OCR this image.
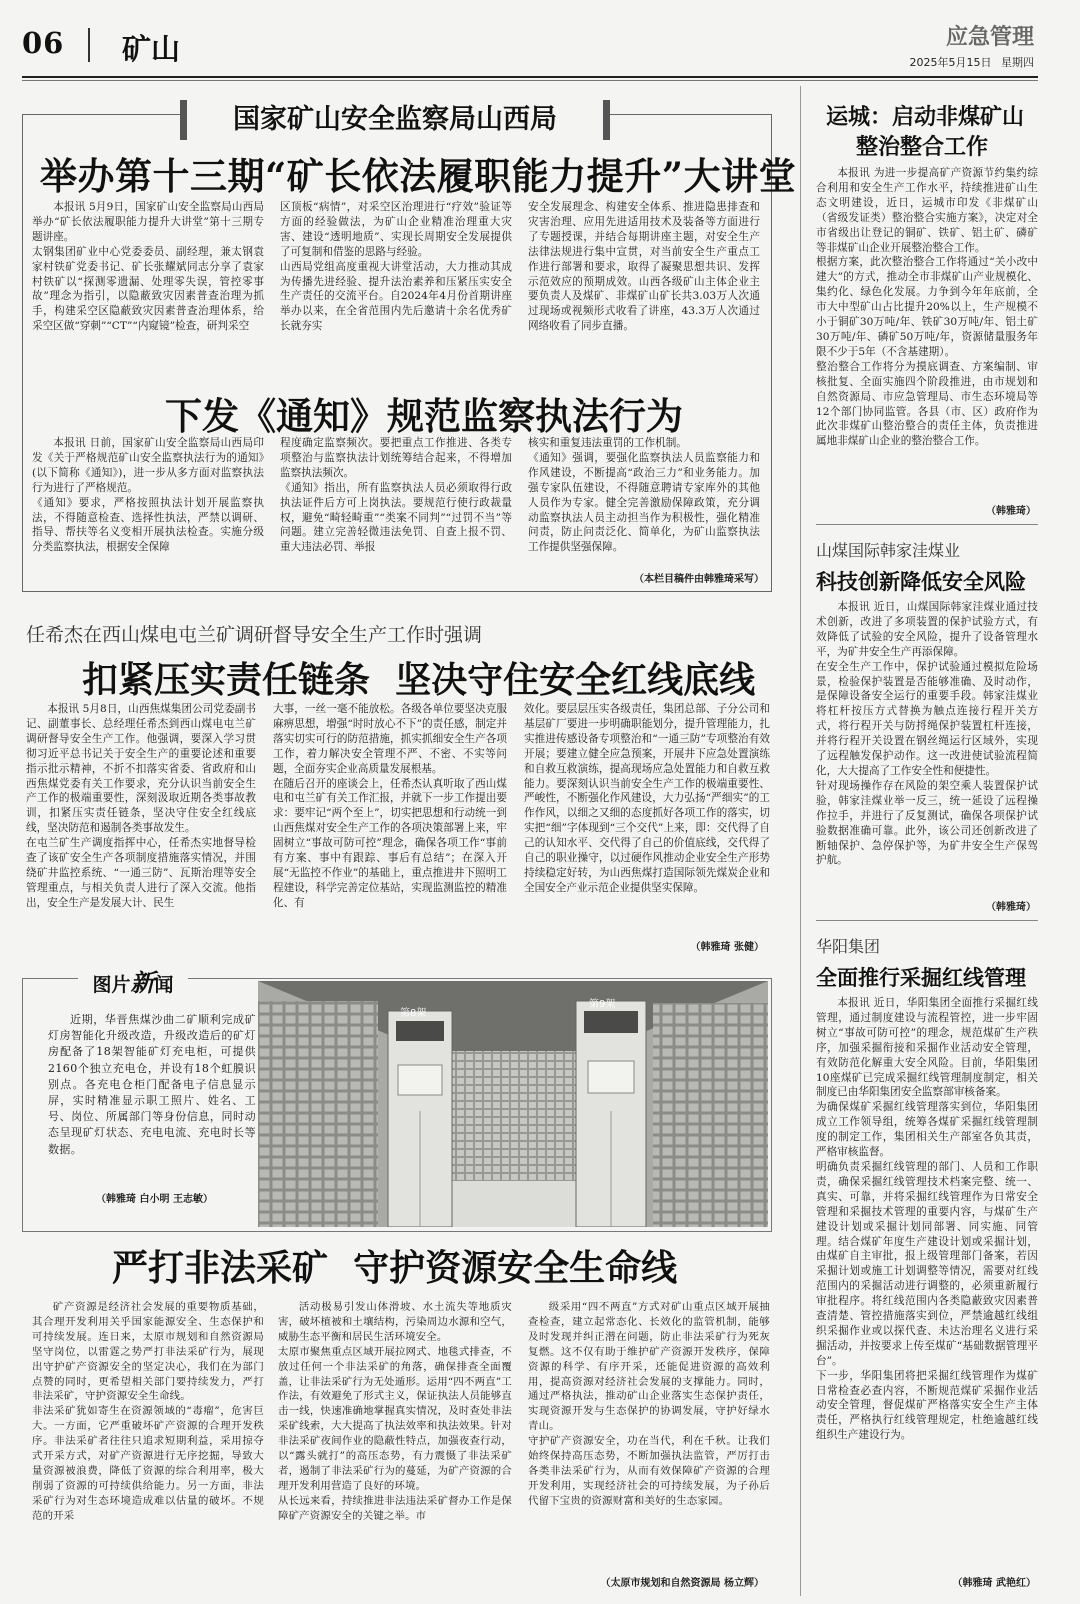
06 矿山	应急管理
2025年5月15日 星期四
国家矿山安全监察局山西局
举办第十三期“矿长依法履职能力提升”大讲堂

本报讯 5月9日，国家矿山安全监察局山西局举办“矿长依法履职能力提升大讲堂”第十三期专题讲座。
太钢集团矿业中心党委委员、副经理，兼太钢袁家村铁矿党委书记、矿长张耀斌同志分享了袁家村铁矿以“探测零遗漏、处理零失误，管控零事故”理念为指引，以隐蔽致灾因素普查治理为抓手，构建采空区隐蔽致灾因素普查治理体系，给采空区做“穿刺”“CT”“内窥镜”检查，研判采空

区顶板“病情”，对采空区治理进行“疗效”验证等方面的经验做法，为矿山企业精准治理重大灾害、建设“透明地质”、实现长周期安全发展提供了可复制和借鉴的思路与经验。
山西局党组高度重视大讲堂活动，大力推动其成为传播先进经验、提升法治素养和压紧压实安全生产责任的交流平台。自2024年4月份首期讲座举办以来，在全省范围内先后邀请十余名优秀矿长就夯实

安全发展理念、构建安全体系、推进隐患排查和灾害治理、应用先进适用技术及装备等方面进行了专题授课，并结合每期讲座主题，对安全生产法律法规进行集中宣贯，对当前安全生产重点工作进行部署和要求，取得了凝聚思想共识、发挥示范效应的预期成效。山西各级矿山主体企业主要负责人及煤矿、非煤矿山矿长共3.03万人次通过现场或视频形式收看了讲座，43.3万人次通过网络收看了同步直播。

下发《通知》规范监察执法行为

本报讯 日前，国家矿山安全监察局山西局印发《关于严格规范矿山安全监察执法行为的通知》(以下简称《通知》)，进一步从多方面对监察执法行为进行了严格规范。
《通知》要求，严格按照执法计划开展监察执法，不得随意检查、选择性执法，严禁以调研、指导、帮扶等名义变相开展执法检查。实施分级分类监察执法，根据安全保障

程度确定监察频次。要把重点工作推进、各类专项整治与监察执法计划统筹结合起来，不得增加监察执法频次。
《通知》指出，所有监察执法人员必须取得行政执法证件后方可上岗执法。要规范行使行政裁量权，避免“畸轻畸重”“类案不同判”“过罚不当”等问题。建立完善轻微违法免罚、自查上报不罚、重大违法必罚、举报

核实和重复违法重罚的工作机制。
《通知》强调，要强化监察执法人员监察能力和作风建设，不断提高“政治三力”和业务能力。加强专家队伍建设，不得随意聘请专家库外的其他人员作为专家。健全完善激励保障政策，充分调动监察执法人员主动担当作为积极性，强化精准问责，防止问责泛化、简单化，为矿山监察执法工作提供坚强保障。

（本栏目稿件由韩雅琦采写）
任希杰在西山煤电屯兰矿调研督导安全生产工作时强调
扣紧压实责任链条  坚决守住安全红线底线

本报讯 5月8日，山西焦煤集团公司党委副书记、副董事长、总经理任希杰到西山煤电屯兰矿调研督导安全生产工作。他强调，要深入学习贯彻习近平总书记关于安全生产的重要论述和重要指示批示精神，不折不扣落实省委、省政府和山西焦煤党委有关工作要求，充分认识当前安全生产工作的极端重要性，深刻汲取近期各类事故教训，扣紧压实责任链条，坚决守住安全红线底线，坚决防范和遏制各类事故发生。
在屯兰矿生产调度指挥中心，任希杰实地督导检查了该矿安全生产各项制度措施落实情况，并围绕矿井监控系统、“一通三防”、瓦斯治理等安全管理重点，与相关负责人进行了深入交流。他指出，安全生产是发展大计、民生

大事，一丝一毫不能放松。各级各单位要坚决克服麻痹思想，增强“时时放心不下”的责任感，制定并落实切实可行的防范措施，抓实抓细安全生产各项工作，着力解决安全管理不严、不密、不实等问题，全面夯实企业高质量发展根基。
在随后召开的座谈会上，任希杰认真听取了西山煤电和屯兰矿有关工作汇报，并就下一步工作提出要求：要牢记“两个至上”，切实把思想和行动统一到山西焦煤对安全生产工作的各项决策部署上来，牢固树立“事故可防可控”理念，确保各项工作“事前有方案、事中有跟踪、事后有总结”；在深入开展“无监控不作业”的基础上，重点推进井下照明工程建设，科学完善定位基站，实现监测监控的精准化、有

效化。要层层压实各级责任，集团总部、子分公司和基层矿厂要进一步明确职能划分，提升管理能力，扎实推进传感设备专项整治和“一通三防”专项整治有效开展；要建立健全应急预案，开展井下应急处置演练和自救互救演练，提高现场应急处置能力和自救互救能力。要深刻认识当前安全生产工作的极端重要性、严峻性，不断强化作风建设，大力弘扬“严细实”的工作作风，以细之又细的态度抓好各项工作的落实，切实把“细”字体现到“三个交代”上来，即：交代得了自己的认知水平、交代得了自己的价值底线，交代得了自己的职业操守，以过硬作风推动企业安全生产形势持续稳定好转，为山西焦煤打造国际领先煤炭企业和全国安全产业示范企业提供坚实保障。

（韩雅琦 张健）
图片新闻

近期，华晋焦煤沙曲二矿顺利完成矿灯房智能化升级改造，升级改造后的矿灯房配备了18架智能矿灯充电柜，可提供2160个独立充电仓，并设有18个虹膜识别点。各充电仓柜门配备电子信息显示屏，实时精准显示职工照片、姓名、工号、岗位、所属部门等身份信息，同时动态呈现矿灯状态、充电电流、充电时长等数据。

（韩雅琦 白小明 王志敏）
第8架
第9架
严打非法采矿  守护资源安全生命线

矿产资源是经济社会发展的重要物质基础，其合理开发利用关乎国家能源安全、生态保护和可持续发展。连日来，太原市规划和自然资源局坚守岗位，以雷霆之势严打非法采矿行为，展现出守护矿产资源安全的坚定决心，我们在为部门点赞的同时，更希望相关部门要持续发力，严打非法采矿，守护资源安全生命线。
非法采矿犹如寄生在资源领域的“毒瘤”，危害巨大。一方面，它严重破坏矿产资源的合理开发秩序。非法采矿者往往只追求短期利益，采用掠夺式开采方式，对矿产资源进行无序挖掘，导致大量资源被浪费，降低了资源的综合利用率，极大削弱了资源的可持续供给能力。另一方面，非法采矿行为对生态环境造成难以估量的破坏。不规范的开采

活动极易引发山体滑坡、水土流失等地质灾害，破坏植被和土壤结构，污染周边水源和空气，威胁生态平衡和居民生活环境安全。
太原市聚焦重点区域开展拉网式、地毯式排查，不放过任何一个非法采矿的角落，确保排查全面覆盖，让非法采矿行为无处遁形。运用“四不两直”工作法，有效避免了形式主义，保证执法人员能够直击一线，快速准确地掌握真实情况，及时查处非法采矿线索，大大提高了执法效率和执法效果。针对非法采矿夜间作业的隐蔽性特点，加强夜查行动，以“露头就打”的高压态势，有力震慑了非法采矿者，遏制了非法采矿行为的蔓延，为矿产资源的合理开发利用营造了良好的环境。
从长远来看，持续推进非法违法采矿督办工作是保障矿产资源安全的关键之举。市

级采用“四不两直”方式对矿山重点区域开展抽查检查，建立起常态化、长效化的监管机制，能够及时发现并纠正潜在问题，防止非法采矿行为死灰复燃。这不仅有助于维护矿产资源开发秩序，保障资源的科学、有序开采，还能促进资源的高效利用，提高资源对经济社会发展的支撑能力。同时，通过严格执法，推动矿山企业落实生态保护责任，实现资源开发与生态保护的协调发展，守护好绿水青山。
守护矿产资源安全，功在当代，利在千秋。让我们始终保持高压态势，不断加强执法监管，严厉打击各类非法采矿行为，从而有效保障矿产资源的合理开发利用，实现经济社会的可持续发展，为子孙后代留下宝贵的资源财富和美好的生态家园。

（太原市规划和自然资源局 杨立辉）
运城：启动非煤矿山
整治整合工作

本报讯 为进一步提高矿产资源节约集约综合利用和安全生产工作水平，持续推进矿山生态文明建设，近日，运城市印发《非煤矿山（省级发证类）整治整合实施方案》，决定对全市省级出让登记的铜矿、铁矿、铝土矿、磷矿等非煤矿山企业开展整治整合工作。
根据方案，此次整治整合工作将通过“关小改中建大”的方式，推动全市非煤矿山产业规模化、集约化、绿色化发展。力争到今年年底前，全市大中型矿山占比提升20%以上，生产规模不小于铜矿30万吨/年、铁矿30万吨/年、铝土矿30万吨/年、磷矿50万吨/年，资源储量服务年限不少于5年（不含基建期）。
整治整合工作将分为摸底调查、方案编制、审核批复、全面实施四个阶段推进，由市规划和自然资源局、市应急管理局、市生态环境局等12个部门协同监管。各县（市、区）政府作为此次非煤矿山整治整合的责任主体，负责推进属地非煤矿山企业的整治整合工作。

（韩雅琦）
山煤国际韩家洼煤业
科技创新降低安全风险

本报讯 近日，山煤国际韩家洼煤业通过技术创新，改进了多项装置的保护试验方式，有效降低了试验的安全风险，提升了设备管理水平，为矿井安全生产再添保障。
在安全生产工作中，保护试验通过模拟危险场景，检验保护装置是否能够准确、及时动作，是保障设备安全运行的重要手段。韩家洼煤业将杠杆按压方式替换为触点连接行程开关方式，将行程开关与防捋绳保护装置杠杆连接，并将行程开关设置在钢丝绳运行区域外，实现了远程触发保护动作。这一改进使试验流程简化，大大提高了工作安全性和便捷性。
针对现场操作存在风险的架空乘人装置保护试验，韩家洼煤业举一反三，统一延设了远程操作拉手，并进行了反复测试，确保各项保护试验数据准确可靠。此外，该公司还创新改进了断轴保护、急停保护等，为矿井安全生产保驾护航。

（韩雅琦）
华阳集团
全面推行采掘红线管理

本报讯 近日，华阳集团全面推行采掘红线管理，通过制度建设与流程管控，进一步牢固树立“事故可防可控”的理念，规范煤矿生产秩序，加强采掘衔接和采掘作业活动安全管理，有效防范化解重大安全风险。目前，华阳集团10座煤矿已完成采掘红线管理制度制定，相关制度已由华阳集团安全监察部审核备案。
为确保煤矿采掘红线管理落实到位，华阳集团成立工作领导组，统筹各煤矿采掘红线管理制度的制定工作，集团相关生产部室各负其责，严格审核监督。
明确负责采掘红线管理的部门、人员和工作职责，确保采掘红线管理技术档案完整、统一、真实、可靠，并将采掘红线管理作为日常安全管理和采掘技术管理的重要内容，与煤矿生产建设计划或采掘计划同部署、同实施、同管理。结合煤矿年度生产建设计划或采掘计划，由煤矿自主审批，报上级管理部门备案，若因采掘计划或施工计划调整等情况，需要对红线范围内的采掘活动进行调整的，必须重新履行审批程序。将红线范围内各类隐蔽致灾因素普查清楚、管控措施落实到位，严禁逾越红线组织采掘作业或以探代查、未达治理名义进行采掘活动，并按要求上传至煤矿“基础数据管理平台”。
下一步，华阳集团将把采掘红线管理作为煤矿日常检查必查内容，不断规范煤矿采掘作业活动安全管理，督促煤矿严格落实安全生产主体责任，严格执行红线管理规定，杜绝逾越红线组织生产建设行为。

（韩雅琦 武艳红）
